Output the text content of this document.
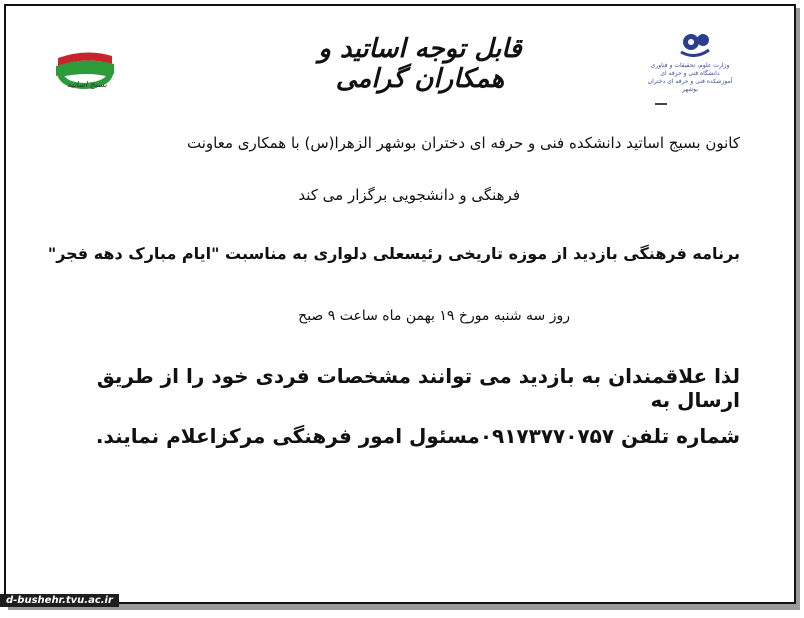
قابل توجه اساتید و همکاران گرامی
بسیج اساتید
وزارت علوم، تحقیقات و فناوری
دانشگاه فنی و حرفه ای
آموزشکده فنی و حرفه ای دختران بوشهر
کانون بسیج اساتید دانشکده فنی و حرفه ای دختران بوشهر الزهرا(س) با همکاری معاونت
فرهنگی و دانشجویی برگزار می کند
برنامه فرهنگی بازدید از موزه تاریخی رئیسعلی دلواری به مناسبت "ایام مبارک دهه فجر"
روز سه شنبه مورخ ۱۹ بهمن ماه ساعت ۹ صبح
لذا علاقمندان به بازدید می توانند مشخصات فردی خود را از طریق ارسال به
شماره تلفن ۰۹۱۷۳۷۷۰۷۵۷مسئول امور فرهنگی مرکزاعلام نمایند.
d-bushehr.tvu.ac.ir
